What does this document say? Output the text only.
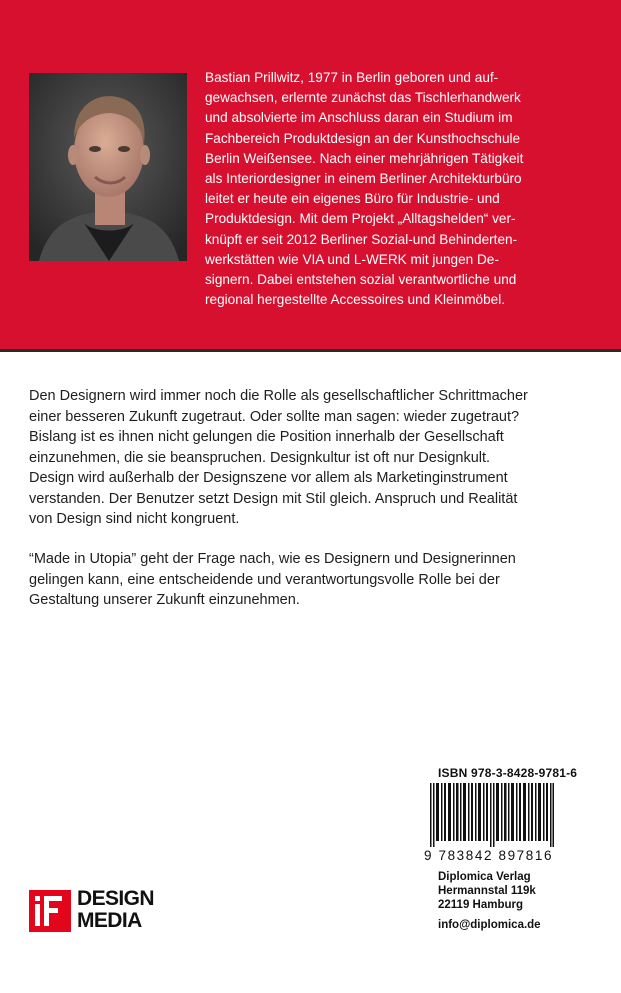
Bastian Prillwitz, 1977 in Berlin geboren und auf-
gewachsen, erlernte zunächst das Tischlerhandwerk
und absolvierte im Anschluss daran ein Studium im
Fachbereich Produktdesign an der Kunsthochschule
Berlin Weißensee. Nach einer mehrjährigen Tätigkeit
als Interiordesigner in einem Berliner Architekturbüro
leitet er heute ein eigenes Büro für Industrie- und
Produktdesign. Mit dem Projekt „Alltagshelden“ ver-
knüpft er seit 2012 Berliner Sozial-und Behinderten-
werkstätten wie VIA und L-WERK mit jungen De-
signern. Dabei entstehen sozial verantwortliche und
regional hergestellte Accessoires und Kleinmöbel.
Den Designern wird immer noch die Rolle als gesellschaftlicher Schrittmacher
einer besseren Zukunft zugetraut. Oder sollte man sagen: wieder zugetraut?
Bislang ist es ihnen nicht gelungen die Position innerhalb der Gesellschaft
einzunehmen, die sie beanspruchen. Designkultur ist oft nur Designkult.
Design wird außerhalb der Designszene vor allem als Marketinginstrument
verstanden. Der Benutzer setzt Design mit Stil gleich. Anspruch und Realität
von Design sind nicht kongruent.
“Made in Utopia” geht der Frage nach, wie es Designern und Designerinnen
gelingen kann, eine entscheidende und verantwortungsvolle Rolle bei der
Gestaltung unserer Zukunft einzunehmen.
ISBN 978-3-8428-9781-6
9 783842 897816
Diplomica Verlag
Hermannstal 119k
22119 Hamburg
info@diplomica.de
DESIGN
MEDIA
